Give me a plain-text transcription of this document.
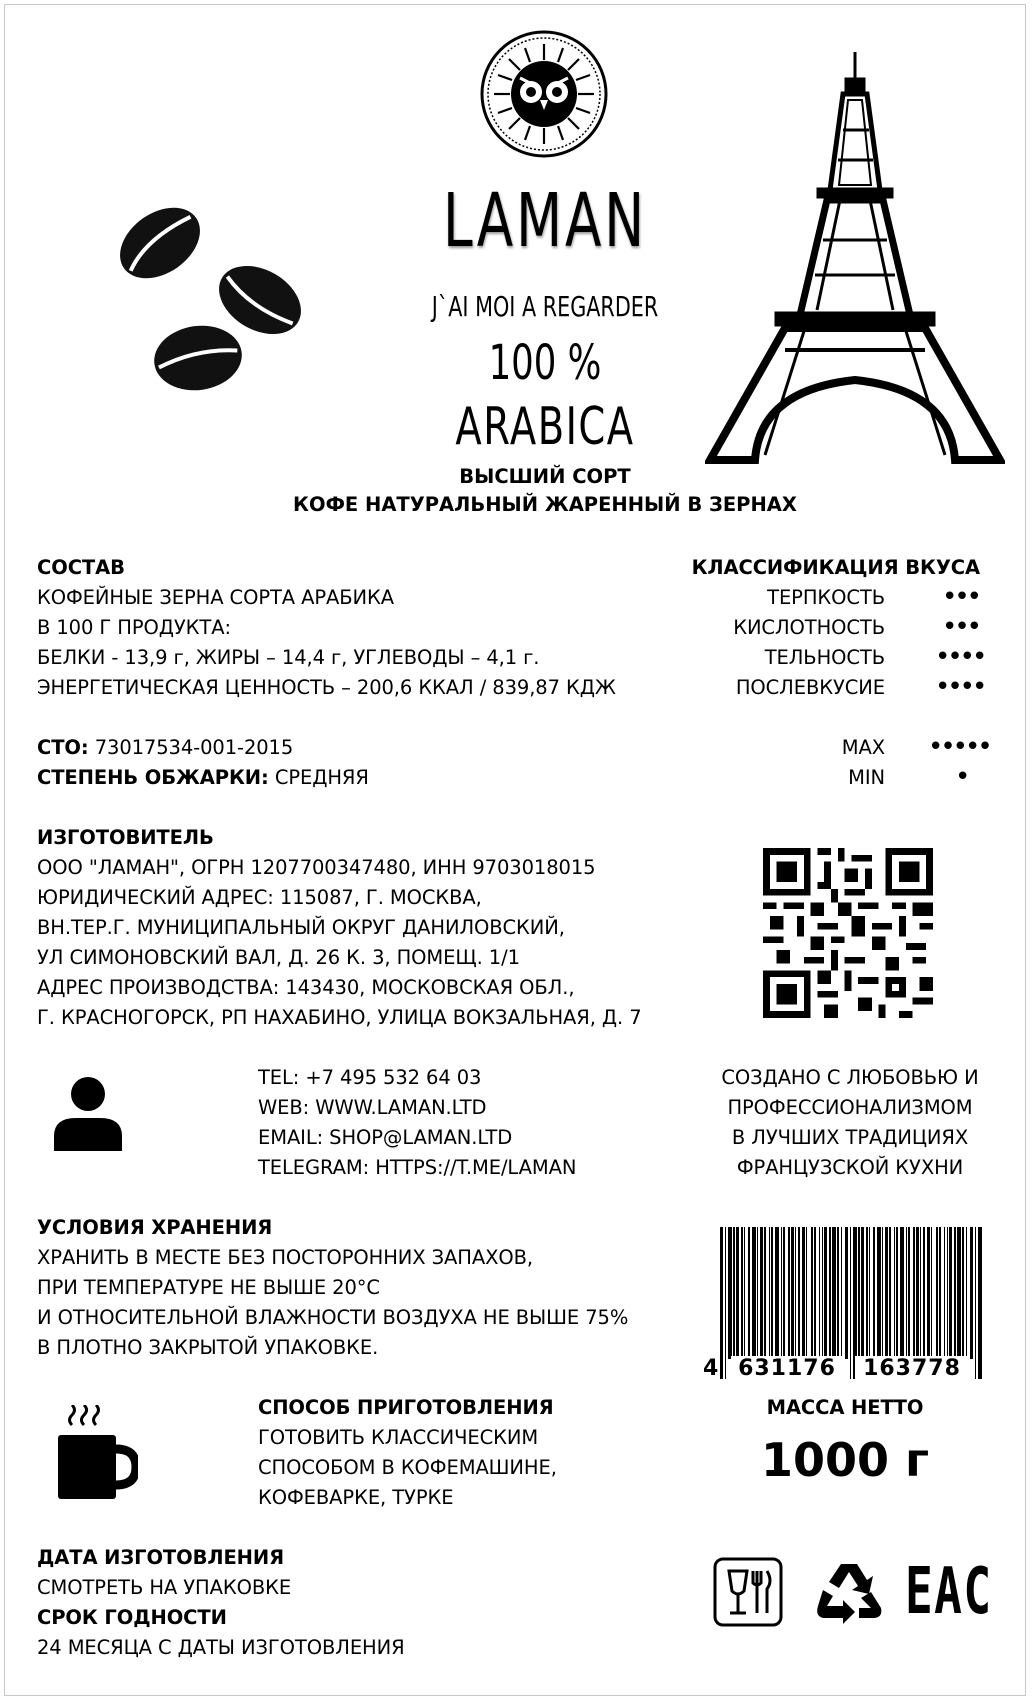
LAMAN
J`AI MOI A REGARDER
100 %
ARABICA
ВЫСШИЙ СОРТ
КОФЕ НАТУРАЛЬНЫЙ ЖАРЕННЫЙ В ЗЕРНАХ
СОСТАВ
КОФЕЙНЫЕ ЗЕРНА СОРТА АРАБИКА
В 100 Г ПРОДУКТА:
БЕЛКИ - 13,9 г, ЖИРЫ – 14,4 г, УГЛЕВОДЫ – 4,1 г.
ЭНЕРГЕТИЧЕСКАЯ ЦЕННОСТЬ – 200,6 ККАЛ / 839,87 КДЖ
СТО: 73017534-001-2015
СТЕПЕНЬ ОБЖАРКИ: СРЕДНЯЯ
КЛАССИФИКАЦИЯ ВКУСА
ТЕРПКОСТЬ •••
КИСЛОТНОСТЬ •••
ТЕЛЬНОСТЬ ••••
ПОСЛЕВКУСИЕ ••••
MAX •••••
MIN	•
ИЗГОТОВИТЕЛЬ
ООО "ЛАМАН", ОГРН 1207700347480, ИНН 9703018015
ЮРИДИЧЕСКИЙ АДРЕС: 115087, Г. МОСКВА,
ВН.ТЕР.Г. МУНИЦИПАЛЬНЫЙ ОКРУГ ДАНИЛОВСКИЙ,
УЛ СИМОНОВСКИЙ ВАЛ, Д. 26 К. 3, ПОМЕЩ. 1/1
АДРЕС ПРОИЗВОДСТВА: 143430, МОСКОВСКАЯ ОБЛ.,
Г. КРАСНОГОРСК, РП НАХАБИНО, УЛИЦА ВОКЗАЛЬНАЯ, Д. 7
TEL: +7 495 532 64 03
WEB: WWW.LAMAN.LTD
EMAIL: SHOP@LAMAN.LTD
TELEGRAM: HTTPS://T.ME/LAMAN
СОЗДАНО С ЛЮБОВЬЮ И
ПРОФЕССИОНАЛИЗМОМ
В ЛУЧШИХ ТРАДИЦИЯХ
ФРАНЦУЗСКОЙ КУХНИ
УСЛОВИЯ ХРАНЕНИЯ
ХРАНИТЬ В МЕСТЕ БЕЗ ПОСТОРОННИХ ЗАПАХОВ,
ПРИ ТЕМПЕРАТУРЕ НЕ ВЫШЕ 20°С
И ОТНОСИТЕЛЬНОЙ ВЛАЖНОСТИ ВОЗДУХА НЕ ВЫШЕ 75%
В ПЛОТНО ЗАКРЫТОЙ УПАКОВКЕ.
4 631176	163778
МАССА НЕТТО
1000 г
СПОСОБ ПРИГОТОВЛЕНИЯ
ГОТОВИТЬ КЛАССИЧЕСКИМ
СПОСОБОМ В КОФЕМАШИНЕ,
КОФЕВАРКЕ, ТУРКЕ
ДАТА ИЗГОТОВЛЕНИЯ
СМОТРЕТЬ НА УПАКОВКЕ
СРОК ГОДНОСТИ
24 МЕСЯЦА С ДАТЫ ИЗГОТОВЛЕНИЯ
EAC
